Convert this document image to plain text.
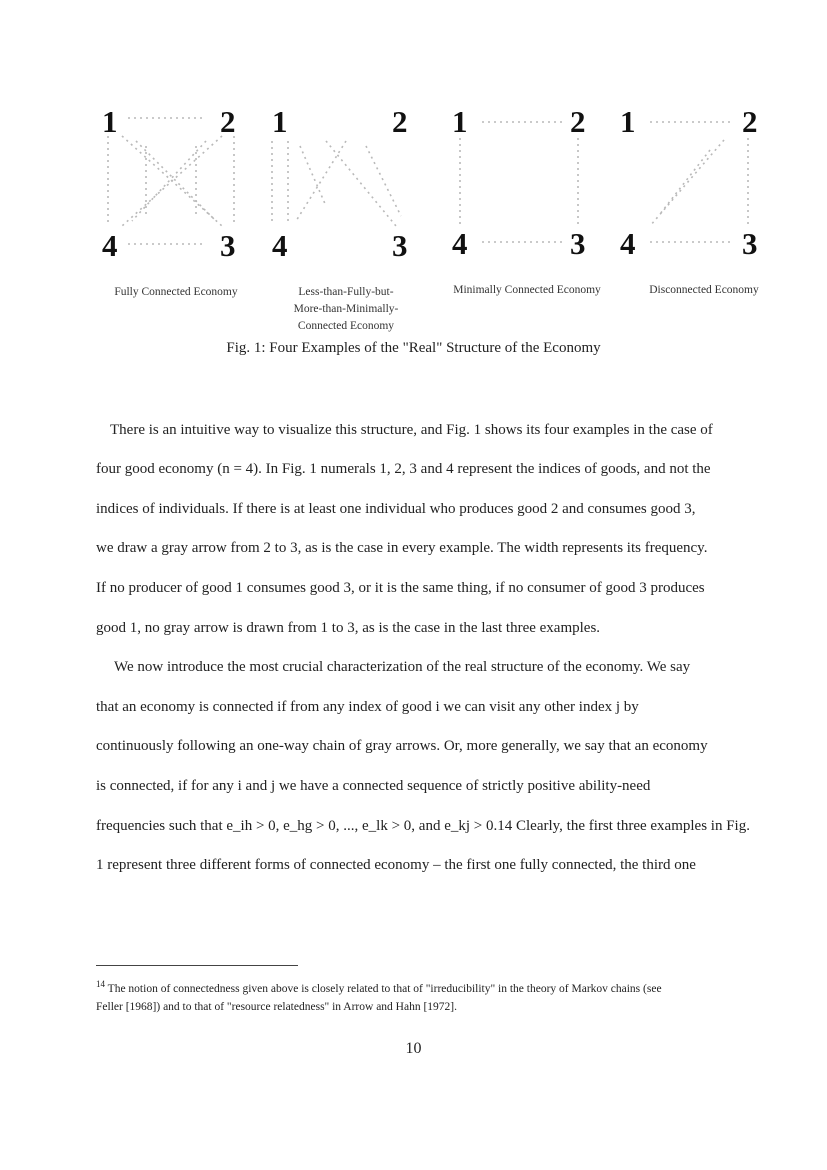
1	2
3
4
1	2
3
4
1	2
3
4
1	2
3
4
Fully Connected Economy	Less-than-Fully-but-
More-than-Minimally-
Connected Economy
Minimally Connected Economy	Disconnected Economy
Fig. 1: Four Examples of the "Real" Structure of the Economy
There is an intuitive way to visualize this structure, and Fig. 1 shows its four examples in the case of
four good economy (n = 4). In Fig. 1 numerals 1, 2, 3 and 4 represent the indices of goods, and not the
indices of individuals. If there is at least one individual who produces good 2 and consumes good 3,
we draw a gray arrow from 2 to 3, as is the case in every example. The width represents its frequency.
If no producer of good 1 consumes good 3, or it is the same thing, if no consumer of good 3 produces
good 1, no gray arrow is drawn from 1 to 3, as is the case in the last three examples.
We now introduce the most crucial characterization of the real structure of the economy. We say
that an economy is connected if from any index of good i we can visit any other index j by
continuously following an one-way chain of gray arrows. Or, more generally, we say that an economy
is connected, if for any i and j we have a connected sequence of strictly positive ability-need
frequencies such that e_ih > 0, e_hg > 0, ..., e_lk > 0, and e_kj > 0.14 Clearly, the first three examples in Fig.
1 represent three different forms of connected economy – the first one fully connected, the third one
$^{14}$ The notion of connectedness given above is closely related to that of "irreducibility" in the theory of Markov chains (see
Feller [1968]) and to that of "resource relatedness" in Arrow and Hahn [1972].
10
